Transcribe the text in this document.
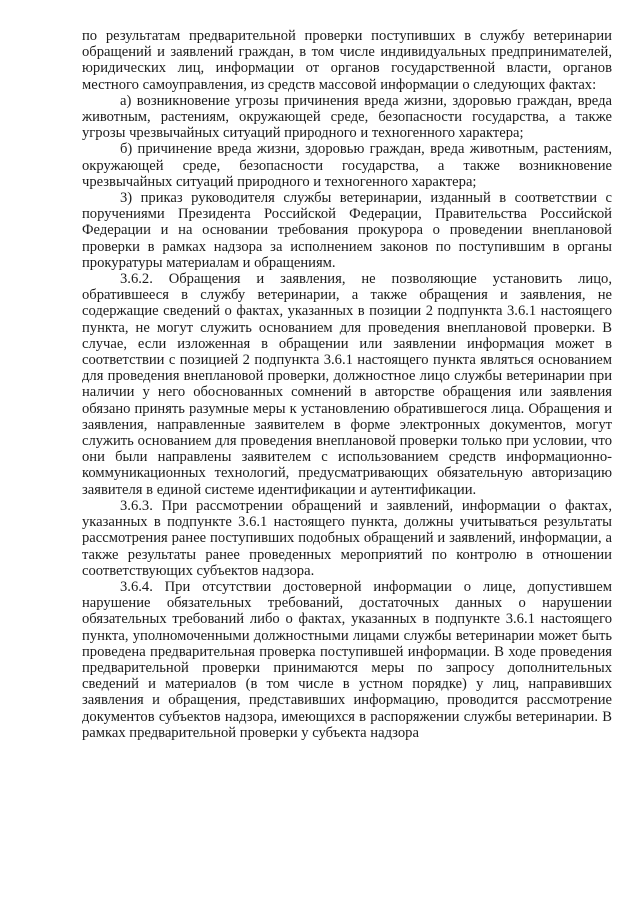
по результатам предварительной проверки поступивших в службу ветеринарии обращений и заявлений граждан, в том числе индивидуальных предпринимателей, юридических лиц, информации от органов государственной власти, органов местного самоуправления, из средств массовой информации о следующих фактах:

а) возникновение угрозы причинения вреда жизни, здоровью граждан, вреда животным, растениям, окружающей среде, безопасности государства, а также угрозы чрезвычайных ситуаций природного и техногенного характера;

б) причинение вреда жизни, здоровью граждан, вреда животным, растениям, окружающей среде, безопасности государства, а также возникновение чрезвычайных ситуаций природного и техногенного характера;

3) приказ руководителя службы ветеринарии, изданный в соответствии с поручениями Президента Российской Федерации, Правительства Российской Федерации и на основании требования прокурора о проведении внеплановой проверки в рамках надзора за исполнением законов по поступившим в органы прокуратуры материалам и обращениям.

3.6.2. Обращения и заявления, не позволяющие установить лицо, обратившееся в службу ветеринарии, а также обращения и заявления, не содержащие сведений о фактах, указанных в позиции 2 подпункта 3.6.1 настоящего пункта, не могут служить основанием для проведения внеплановой проверки. В случае, если изложенная в обращении или заявлении информация может в соответствии с позицией 2 подпункта 3.6.1 настоящего пункта являться основанием для проведения внеплановой проверки, должностное лицо службы ветеринарии при наличии у него обоснованных сомнений в авторстве обращения или заявления обязано принять разумные меры к установлению обратившегося лица. Обращения и заявления, направленные заявителем в форме электронных документов, могут служить основанием для проведения внеплановой проверки только при условии, что они были направлены заявителем с использованием средств информационно-коммуникационных технологий, предусматривающих обязательную авторизацию заявителя в единой системе идентификации и аутентификации.

3.6.3. При рассмотрении обращений и заявлений, информации о фактах, указанных в подпункте 3.6.1 настоящего пункта, должны учитываться результаты рассмотрения ранее поступивших подобных обращений и заявлений, информации, а также результаты ранее проведенных мероприятий по контролю в отношении соответствующих субъектов надзора.

3.6.4. При отсутствии достоверной информации о лице, допустившем нарушение обязательных требований, достаточных данных о нарушении обязательных требований либо о фактах, указанных в подпункте 3.6.1 настоящего пункта, уполномоченными должностными лицами службы ветеринарии может быть проведена предварительная проверка поступившей информации. В ходе проведения предварительной проверки принимаются меры по запросу дополнительных сведений и материалов (в том числе в устном порядке) у лиц, направивших заявления и обращения, представивших информацию, проводится рассмотрение документов субъектов надзора, имеющихся в распоряжении службы ветеринарии. В рамках предварительной проверки у субъекта надзора
